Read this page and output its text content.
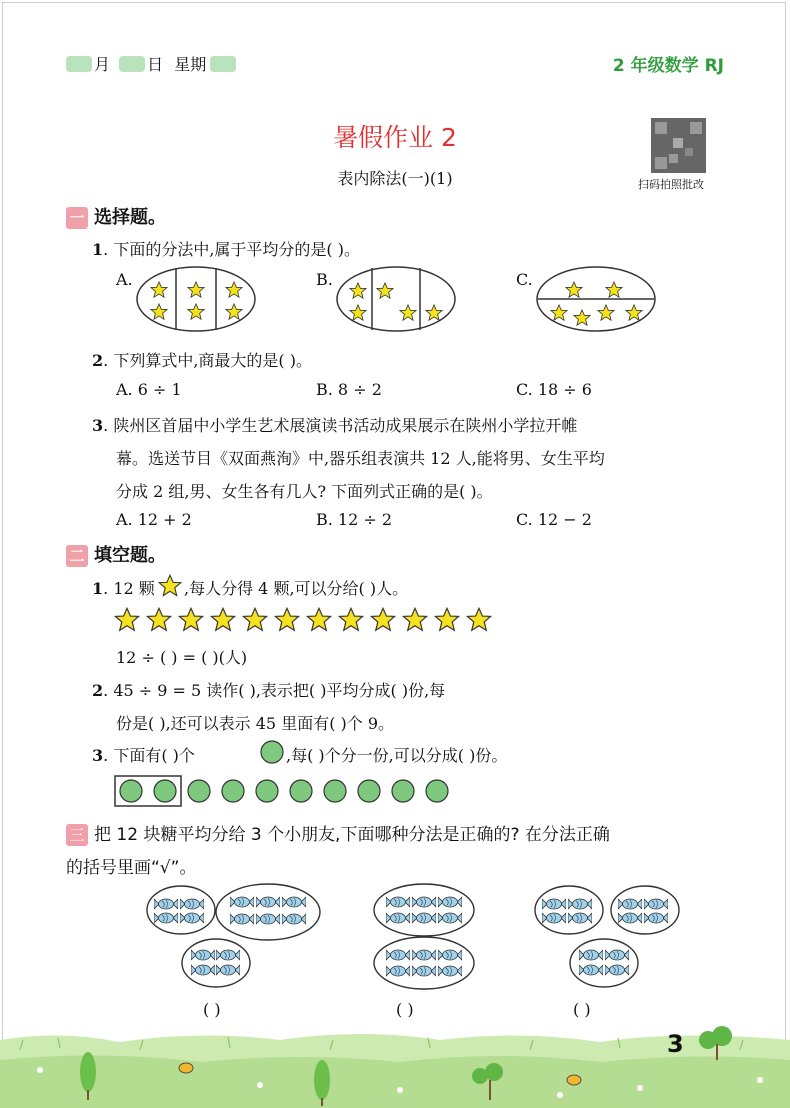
月 日 星期	2 年级数学 RJ
暑假作业 2
表内除法(一)(1)	扫码拍照批改
一 选择题。
1. 下面的分法中,属于平均分的是( )。
A.	B.	C.
2. 下列算式中,商最大的是( )。
A. 6 ÷ 1	B. 8 ÷ 2	C. 18 ÷ 6
3. 陕州区首届中小学生艺术展演读书活动成果展示在陕州小学拉开帷
幕。选送节目《双面燕洵》中,器乐组表演共 12 人,能将男、女生平均
分成 2 组,男、女生各有几人? 下面列式正确的是( )。
A. 12 + 2	B. 12 ÷ 2	C. 12 − 2
二 填空题。
1. 12 颗 ,每人分得 4 颗,可以分给( )人。
12 ÷ ( ) = ( )(人)
2. 45 ÷ 9 = 5 读作( ),表示把( )平均分成( )份,每
份是( ),还可以表示 45 里面有( )个 9。
3. 下面有( )个	,每( )个分一份,可以分成( )份。
三 把 12 块糖平均分给 3 个小朋友,下面哪种分法是正确的? 在分法正确
的括号里画“√”。
( )	( )	( )
3
